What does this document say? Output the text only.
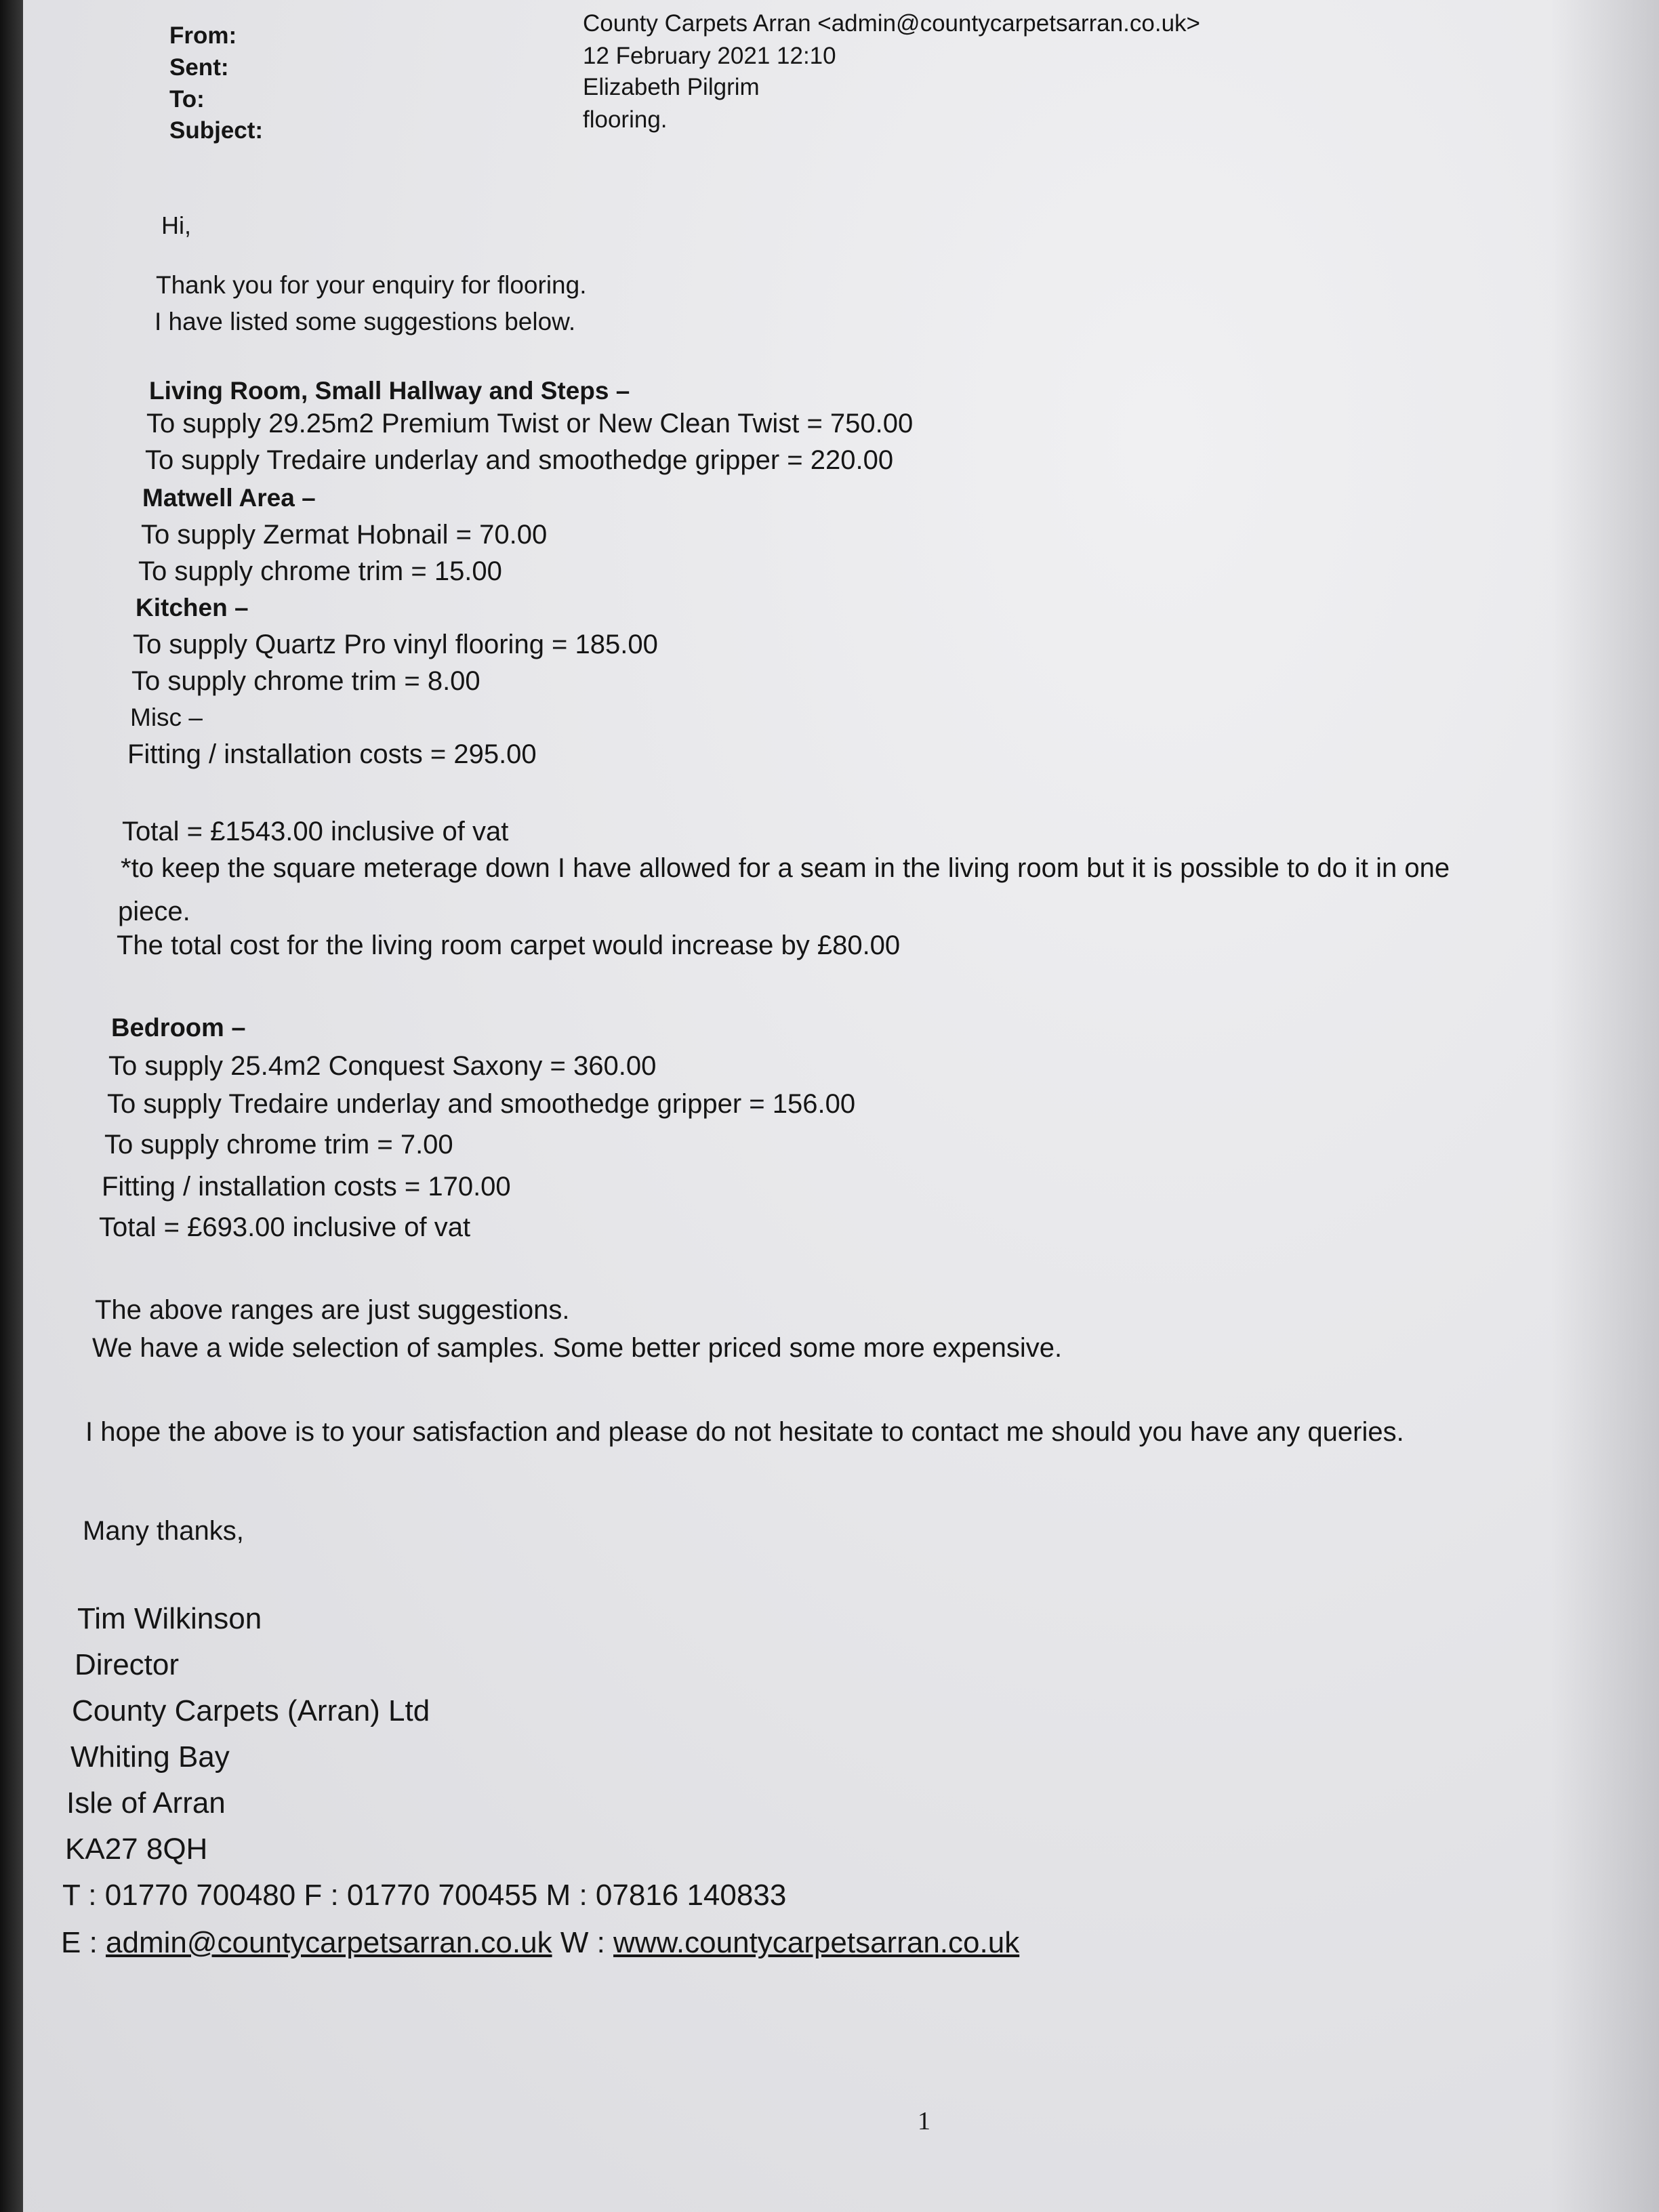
From:	County Carpets Arran <admin@countycarpetsarran.co.uk>
Sent:	12 February 2021 12:10
To:	Elizabeth Pilgrim
Subject:	flooring.
Hi,
Thank you for your enquiry for flooring.
I have listed some suggestions below.
Living Room, Small Hallway and Steps –
To supply 29.25m2 Premium Twist or New Clean Twist = 750.00
To supply Tredaire underlay and smoothedge gripper = 220.00
Matwell Area –
To supply Zermat Hobnail = 70.00
To supply chrome trim = 15.00
Kitchen –
To supply Quartz Pro vinyl flooring = 185.00
To supply chrome trim = 8.00
Misc –
Fitting / installation costs = 295.00
Total = £1543.00 inclusive of vat
*to keep the square meterage down I have allowed for a seam in the living room but it is possible to do it in one
piece.
The total cost for the living room carpet would increase by £80.00
Bedroom –
To supply 25.4m2 Conquest Saxony = 360.00
To supply Tredaire underlay and smoothedge gripper = 156.00
To supply chrome trim = 7.00
Fitting / installation costs = 170.00
Total = £693.00 inclusive of vat
The above ranges are just suggestions.
We have a wide selection of samples. Some better priced some more expensive.
I hope the above is to your satisfaction and please do not hesitate to contact me should you have any queries.
Many thanks,
Tim Wilkinson
Director
County Carpets (Arran) Ltd
Whiting Bay
Isle of Arran
KA27 8QH
T : 01770 700480 F : 01770 700455 M : 07816 140833
E : admin@countycarpetsarran.co.uk W : www.countycarpetsarran.co.uk
1
